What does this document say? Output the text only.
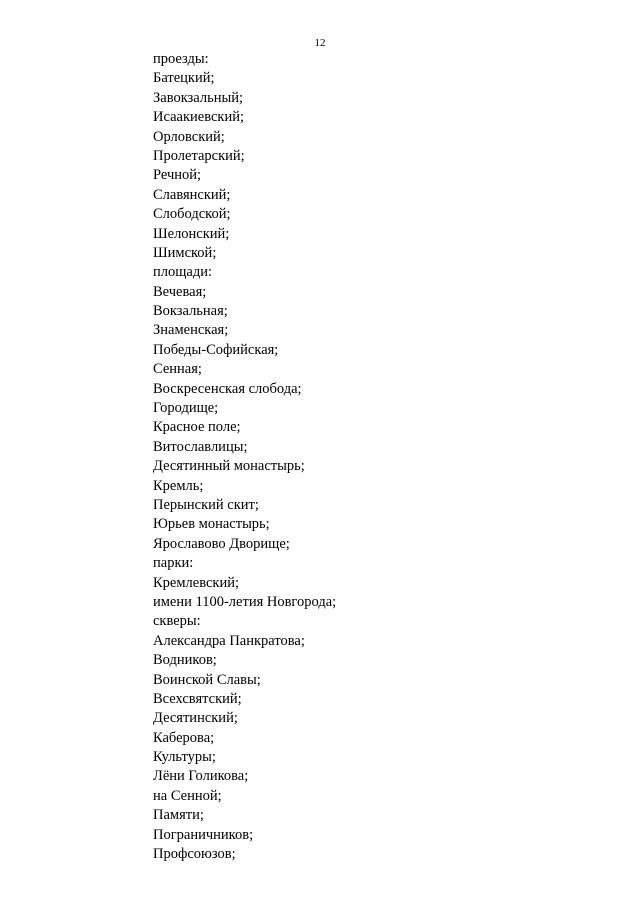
12
проезды:
Батецкий;
Завокзальный;
Исаакиевский;
Орловский;
Пролетарский;
Речной;
Славянский;
Слободской;
Шелонский;
Шимской;
площади:
Вечевая;
Вокзальная;
Знаменская;
Победы-Софийская;
Сенная;
Воскресенская слобода;
Городище;
Красное поле;
Витославлицы;
Десятинный монастырь;
Кремль;
Перынский скит;
Юрьев монастырь;
Ярославово Дворище;
парки:
Кремлевский;
имени 1100-летия Новгорода;
скверы:
Александра Панкратова;
Водников;
Воинской Славы;
Всехсвятский;
Десятинский;
Каберова;
Культуры;
Лёни Голикова;
на Сенной;
Памяти;
Пограничников;
Профсоюзов;
